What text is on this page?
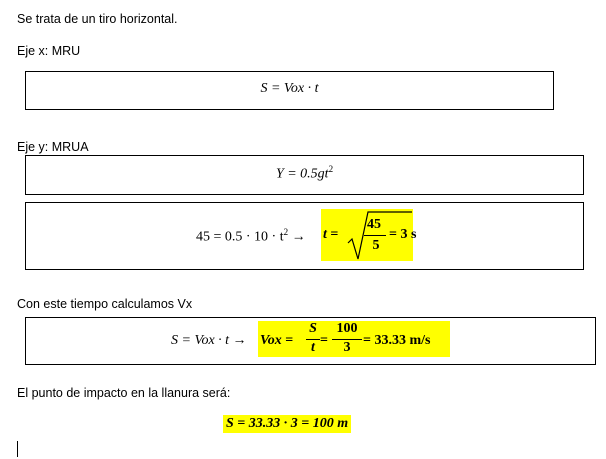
Se trata de un tiro horizontal.
Eje x: MRU
S = Vox · t
Eje y: MRUA
$Y = 0.5gt^2$
$45 = 0.5 \cdot 10 \cdot t^2 \to t$ =
45
5
= 3 s
Con este tiempo calculamos Vx
S = Vox · t → Vox =
S
t =
100
3 = 33.33 m/s
El punto de impacto en la llanura será:
S = 33.33 · 3 = 100 m
